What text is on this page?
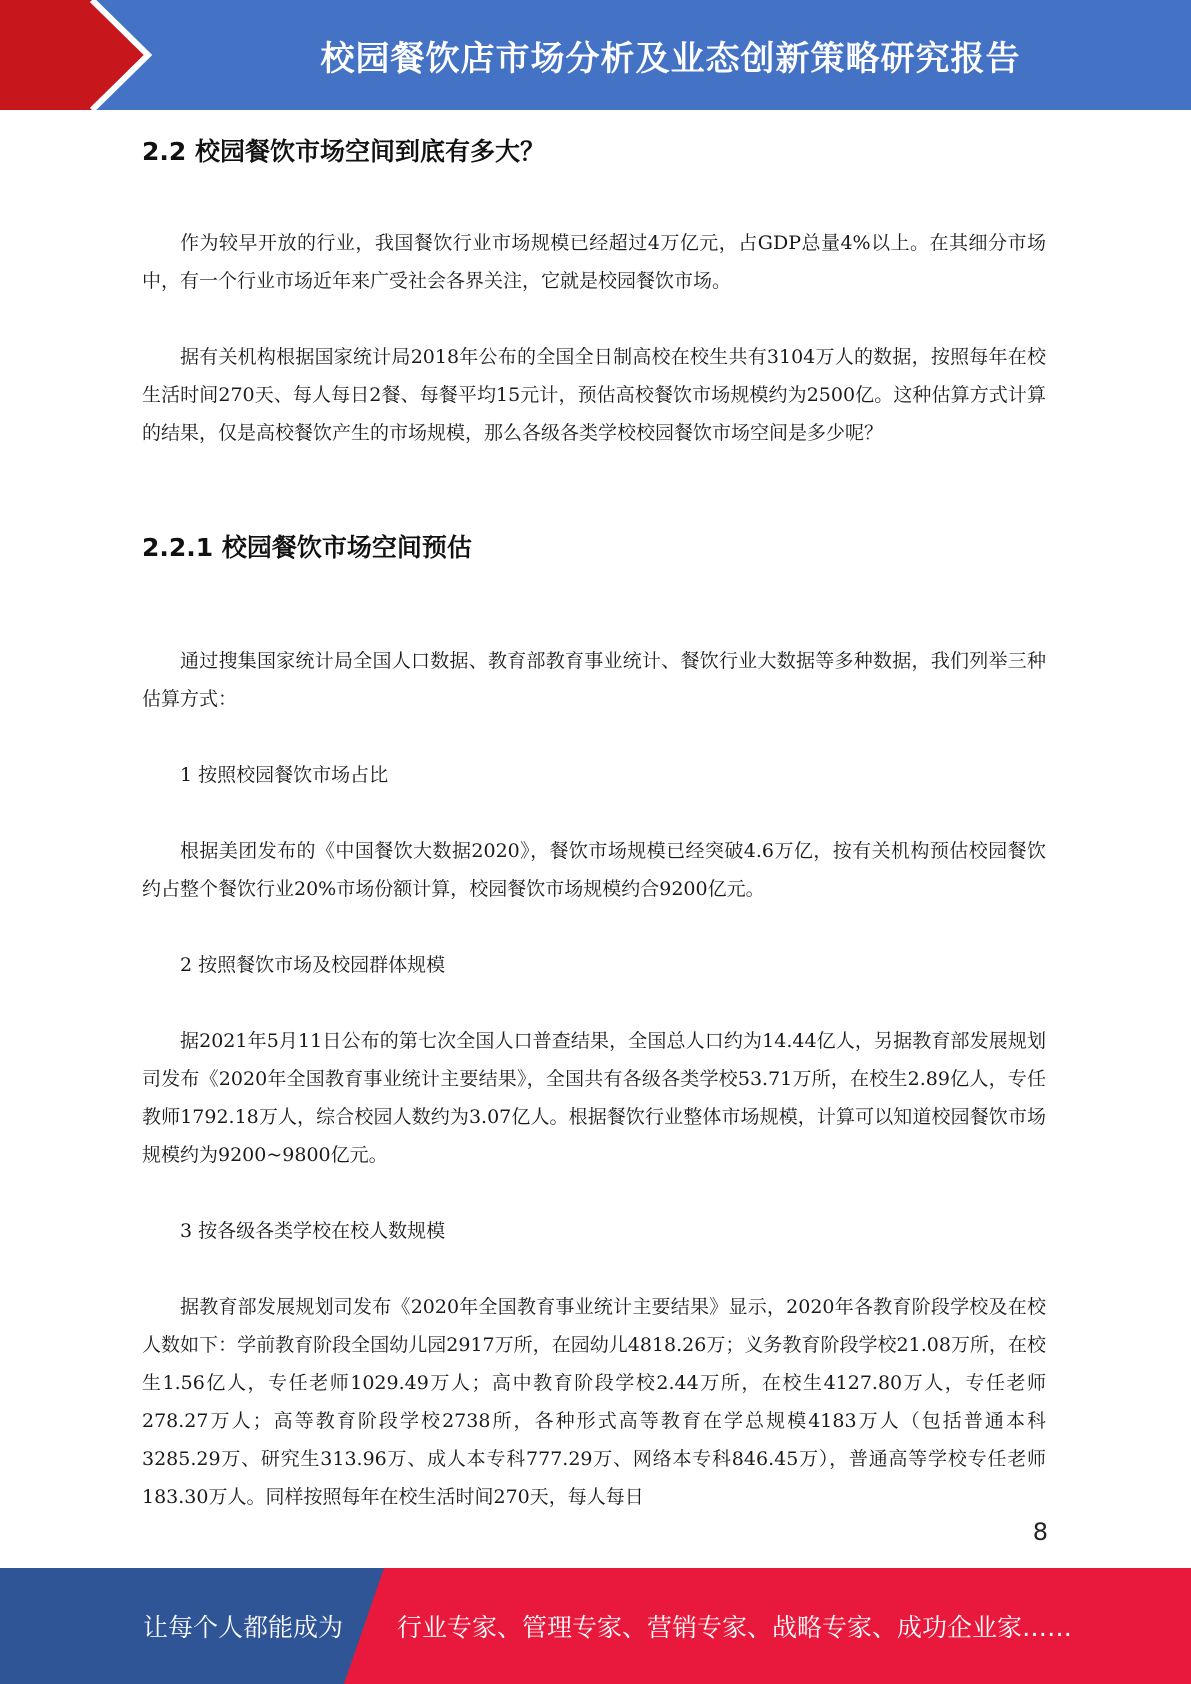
校园餐饮店市场分析及业态创新策略研究报告
2.2 校园餐饮市场空间到底有多大？

作为较早开放的行业，我国餐饮行业市场规模已经超过4万亿元，占GDP总量4%以上。在其细分市场中，有一个行业市场近年来广受社会各界关注，它就是校园餐饮市场。

据有关机构根据国家统计局2018年公布的全国全日制高校在校生共有3104万人的数据，按照每年在校生活时间270天、每人每日2餐、每餐平均15元计，预估高校餐饮市场规模约为2500亿。这种估算方式计算的结果，仅是高校餐饮产生的市场规模，那么各级各类学校校园餐饮市场空间是多少呢？

2.2.1 校园餐饮市场空间预估

通过搜集国家统计局全国人口数据、教育部教育事业统计、餐饮行业大数据等多种数据，我们列举三种估算方式：

1 按照校园餐饮市场占比

根据美团发布的《中国餐饮大数据2020》，餐饮市场规模已经突破4.6万亿，按有关机构预估校园餐饮约占整个餐饮行业20%市场份额计算，校园餐饮市场规模约合9200亿元。

2 按照餐饮市场及校园群体规模

据2021年5月11日公布的第七次全国人口普查结果，全国总人口约为14.44亿人，另据教育部发展规划司发布《2020年全国教育事业统计主要结果》，全国共有各级各类学校53.71万所，在校生2.89亿人，专任教师1792.18万人，综合校园人数约为3.07亿人。根据餐饮行业整体市场规模，计算可以知道校园餐饮市场规模约为9200~9800亿元。

3 按各级各类学校在校人数规模

据教育部发展规划司发布《2020年全国教育事业统计主要结果》显示，2020年各教育阶段学校及在校人数如下：学前教育阶段全国幼儿园2917万所，在园幼儿4818.26万；义务教育阶段学校21.08万所，在校生1.56亿人，专任老师1029.49万人；高中教育阶段学校2.44万所，在校生4127.80万人，专任老师278.27万人；高等教育阶段学校2738所，各种形式高等教育在学总规模4183万人（包括普通本科3285.29万、研究生313.96万、成人本专科777.29万、网络本专科846.45万），普通高等学校专任老师183.30万人。同样按照每年在校生活时间270天，每人每日

8
让每个人都能成为 行业专家、管理专家、营销专家、战略专家、成功企业家……
